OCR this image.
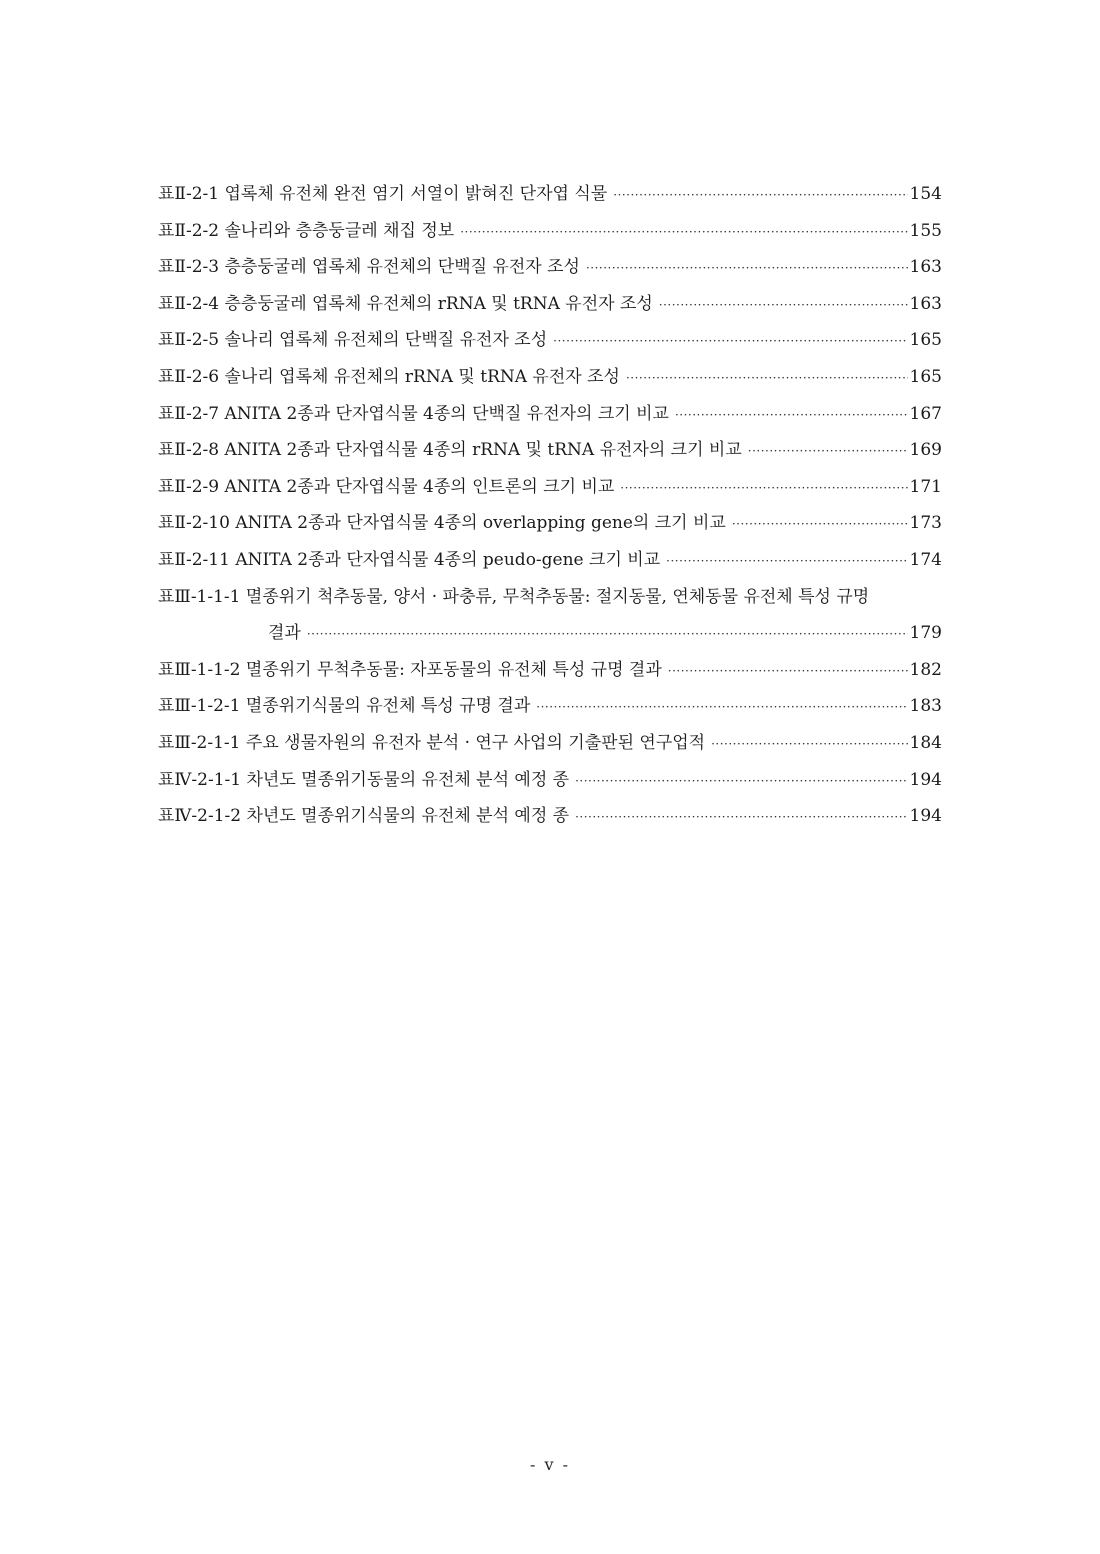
표Ⅱ-2-1 엽록체 유전체 완전 염기 서열이 밝혀진 단자엽 식물 ·····	154
표Ⅱ-2-2 솔나리와 층층둥글레 채집 정보 ·····	155
표Ⅱ-2-3 층층둥굴레 엽록체 유전체의 단백질 유전자 조성 ·····	163
표Ⅱ-2-4 층층둥굴레 엽록체 유전체의 rRNA 및 tRNA 유전자 조성 ·····	163
표Ⅱ-2-5 솔나리 엽록체 유전체의 단백질 유전자 조성 ·····	165
표Ⅱ-2-6 솔나리 엽록체 유전체의 rRNA 및 tRNA 유전자 조성 ·····	165
표Ⅱ-2-7 ANITA 2종과 단자엽식물 4종의 단백질 유전자의 크기 비교 ·····	167
표Ⅱ-2-8 ANITA 2종과 단자엽식물 4종의 rRNA 및 tRNA 유전자의 크기 비교 ·····	169
표Ⅱ-2-9 ANITA 2종과 단자엽식물 4종의 인트론의 크기 비교 ·····	171
표Ⅱ-2-10 ANITA 2종과 단자엽식물 4종의 overlapping gene의 크기 비교 ·····	173
표Ⅱ-2-11 ANITA 2종과 단자엽식물 4종의 peudo-gene 크기 비교 ·····	174
표Ⅲ-1-1-1 멸종위기 척추동물, 양서 · 파충류, 무척추동물: 절지동물, 연체동물 유전체 특성 규명
결과 ·····	179
표Ⅲ-1-1-2 멸종위기 무척추동물: 자포동물의 유전체 특성 규명 결과 ·····	182
표Ⅲ-1-2-1 멸종위기식물의 유전체 특성 규명 결과 ·····	183
표Ⅲ-2-1-1 주요 생물자원의 유전자 분석 · 연구 사업의 기출판된 연구업적 ·····	184
표Ⅳ-2-1-1 차년도 멸종위기동물의 유전체 분석 예정 종 ·····	194
표Ⅳ-2-1-2 차년도 멸종위기식물의 유전체 분석 예정 종 ·····	194
- v -
